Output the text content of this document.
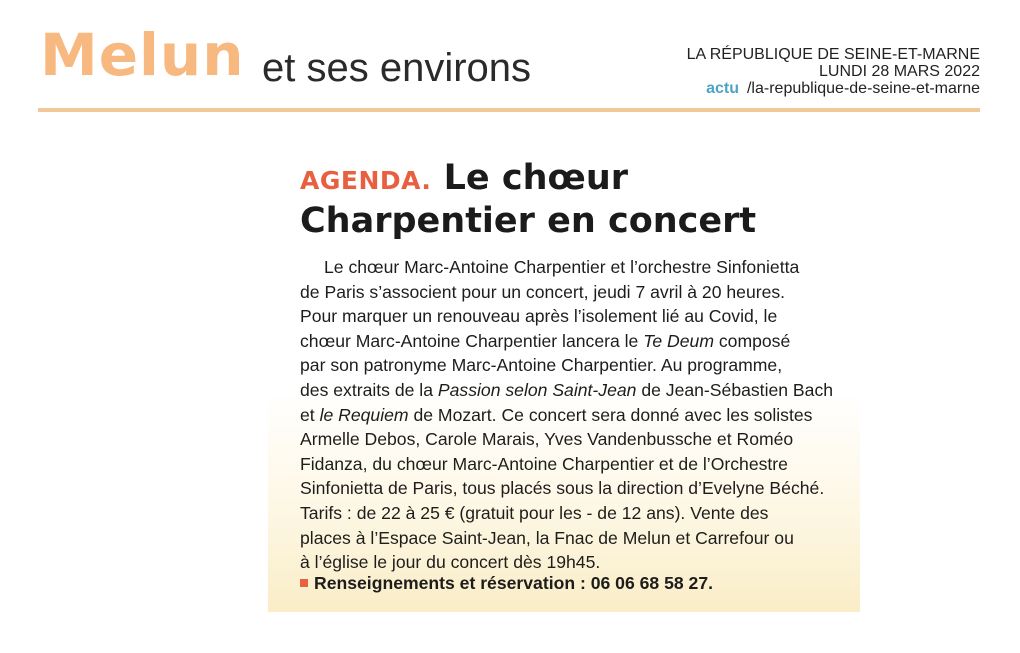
Melun et ses environs	LA RÉPUBLIQUE DE SEINE-ET-MARNE
LUNDI 28 MARS 2022
actu /la-republique-de-seine-et-marne
AGENDA. Le chœur
Charpentier en concert
Le chœur Marc-Antoine Charpentier et l’orchestre Sinfonietta
de Paris s’associent pour un concert, jeudi 7 avril à 20 heures.
Pour marquer un renouveau après l’isolement lié au Covid, le
chœur Marc-Antoine Charpentier lancera le Te Deum composé
par son patronyme Marc-Antoine Charpentier. Au programme,
des extraits de la Passion selon Saint-Jean de Jean-Sébastien Bach
et le Requiem de Mozart. Ce concert sera donné avec les solistes
Armelle Debos, Carole Marais, Yves Vandenbussche et Roméo
Fidanza, du chœur Marc-Antoine Charpentier et de l’Orchestre
Sinfonietta de Paris, tous placés sous la direction d’Evelyne Béché.
Tarifs : de 22 à 25 € (gratuit pour les - de 12 ans). Vente des
places à l’Espace Saint-Jean, la Fnac de Melun et Carrefour ou
à l’église le jour du concert dès 19h45.
Renseignements et réservation : 06 06 68 58 27.
